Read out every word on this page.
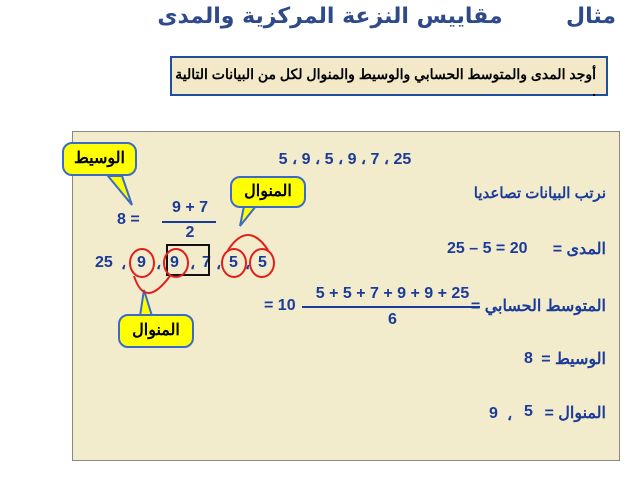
مثال
مقاييس النزعة المركزية والمدى
أوجد المدى والمتوسط الحسابي والوسيط والمنوال لكل من البيانات التالية .
25 ، 7 ، 9 ، 5 ، 9 ، 5
نرتب البيانات تصاعديا
9 + 7
2
8 =
25 ، 9 ، 9 ، 7 ، 5 ، 5
25 – 5 = 20 المدى =
5 + 5 + 7 + 9 + 9 + 25
6
= 10	المتوسط الحسابي =
8 الوسيط =
9 ، 5 المنوال =
الوسيط
المنوال
المنوال
